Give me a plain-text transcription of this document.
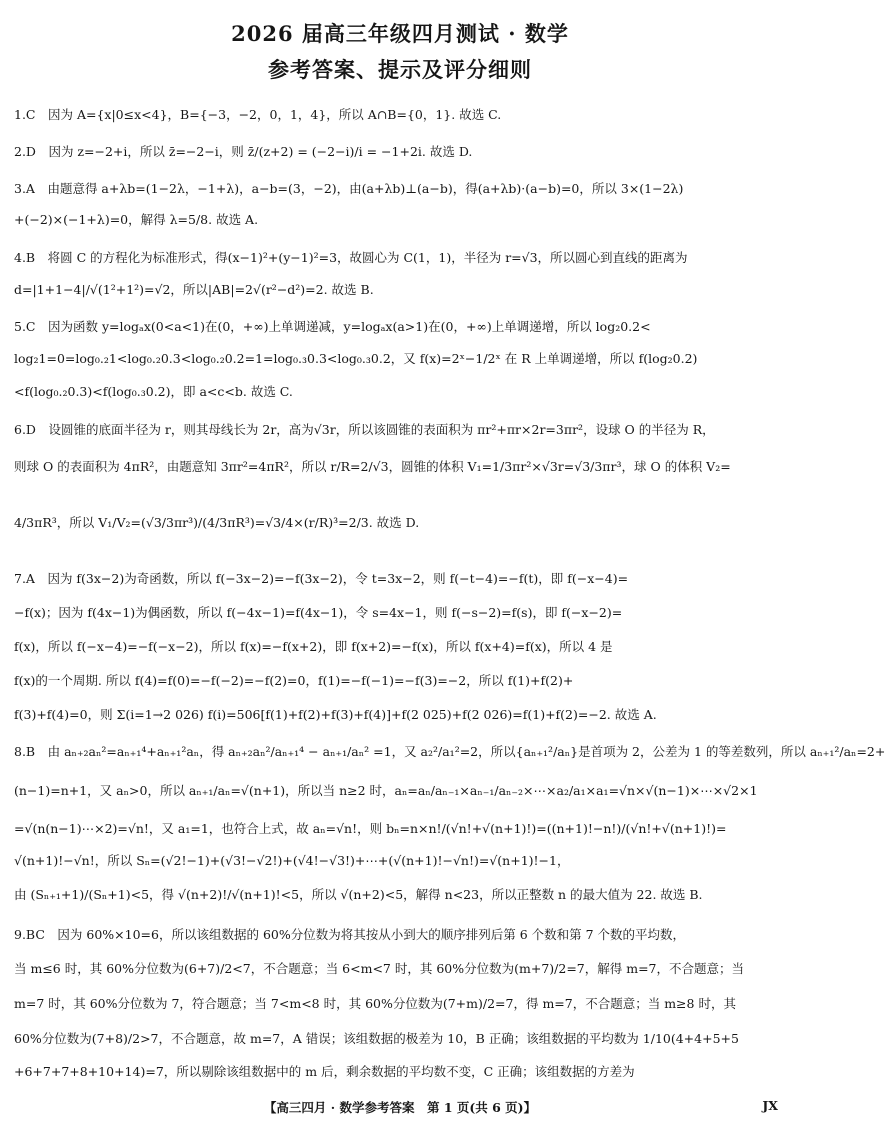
2026 届高三年级四月测试 · 数学
参考答案、提示及评分细则
1.C　因为 A={x|0≤x<4}，B={−3，−2，0，1，4}，所以 A∩B={0，1}. 故选 C.
2.D　因为 z=−2+i，所以 z̄=−2−i，则 z̄/(z+2) = (−2−i)/i = −1+2i. 故选 D.
3.A　由题意得 a+λb=(1−2λ，−1+λ)，a−b=(3，−2)，由(a+λb)⊥(a−b)，得(a+λb)·(a−b)=0，所以 3×(1−2λ)
+(−2)×(−1+λ)=0，解得 λ=5/8. 故选 A.
4.B　将圆 C 的方程化为标准形式，得(x−1)²+(y−1)²=3，故圆心为 C(1，1)，半径为 r=√3，所以圆心到直线的距离为
d=|1+1−4|/√(1²+1²)=√2，所以|AB|=2√(r²−d²)=2. 故选 B.
5.C　因为函数 y=logₐx(0<a<1)在(0，+∞)上单调递减，y=logₐx(a>1)在(0，+∞)上单调递增，所以 log₂0.2<
log₂1=0=log₀.₂1<log₀.₂0.3<log₀.₂0.2=1=log₀.₃0.3<log₀.₃0.2，又 f(x)=2ˣ−1/2ˣ 在 R 上单调递增，所以 f(log₂0.2)
<f(log₀.₂0.3)<f(log₀.₃0.2)，即 a<c<b. 故选 C.
6.D　设圆锥的底面半径为 r，则其母线长为 2r，高为√3r，所以该圆锥的表面积为 πr²+πr×2r=3πr²，设球 O 的半径为 R，
则球 O 的表面积为 4πR²，由题意知 3πr²=4πR²，所以 r/R=2/√3，圆锥的体积 V₁=1/3πr²×√3r=√3/3πr³，球 O 的体积 V₂=
4/3πR³，所以 V₁/V₂=(√3/3πr³)/(4/3πR³)=√3/4×(r/R)³=2/3. 故选 D.
7.A　因为 f(3x−2)为奇函数，所以 f(−3x−2)=−f(3x−2)，令 t=3x−2，则 f(−t−4)=−f(t)，即 f(−x−4)=
−f(x)；因为 f(4x−1)为偶函数，所以 f(−4x−1)=f(4x−1)，令 s=4x−1，则 f(−s−2)=f(s)，即 f(−x−2)=
f(x)，所以 f(−x−4)=−f(−x−2)，所以 f(x)=−f(x+2)，即 f(x+2)=−f(x)，所以 f(x+4)=f(x)，所以 4 是
f(x)的一个周期. 所以 f(4)=f(0)=−f(−2)=−f(2)=0，f(1)=−f(−1)=−f(3)=−2，所以 f(1)+f(2)+
f(3)+f(4)=0，则 Σ(i=1→2 026) f(i)=506[f(1)+f(2)+f(3)+f(4)]+f(2 025)+f(2 026)=f(1)+f(2)=−2. 故选 A.
8.B　由 aₙ₊₂aₙ²=aₙ₊₁⁴+aₙ₊₁²aₙ，得 aₙ₊₂aₙ²/aₙ₊₁⁴ − aₙ₊₁/aₙ² =1，又 a₂²/a₁²=2，所以{aₙ₊₁²/aₙ}是首项为 2，公差为 1 的等差数列，所以 aₙ₊₁²/aₙ=2+
(n−1)=n+1，又 aₙ>0，所以 aₙ₊₁/aₙ=√(n+1)，所以当 n≥2 时，aₙ=aₙ/aₙ₋₁×aₙ₋₁/aₙ₋₂×⋯×a₂/a₁×a₁=√n×√(n−1)×⋯×√2×1
=√(n(n−1)⋯×2)=√n!，又 a₁=1，也符合上式，故 aₙ=√n!，则 bₙ=n×n!/(√n!+√(n+1)!)=((n+1)!−n!)/(√n!+√(n+1)!)=
√(n+1)!−√n!，所以 Sₙ=(√2!−1)+(√3!−√2!)+(√4!−√3!)+⋯+(√(n+1)!−√n!)=√(n+1)!−1，
由 (Sₙ₊₁+1)/(Sₙ+1)<5，得 √(n+2)!/√(n+1)!<5，所以 √(n+2)<5，解得 n<23，所以正整数 n 的最大值为 22. 故选 B.
9.BC　因为 60%×10=6，所以该组数据的 60%分位数为将其按从小到大的顺序排列后第 6 个数和第 7 个数的平均数，
当 m≤6 时，其 60%分位数为(6+7)/2<7，不合题意；当 6<m<7 时，其 60%分位数为(m+7)/2=7，解得 m=7，不合题意；当
m=7 时，其 60%分位数为 7，符合题意；当 7<m<8 时，其 60%分位数为(7+m)/2=7，得 m=7，不合题意；当 m≥8 时，其
60%分位数为(7+8)/2>7，不合题意，故 m=7，A 错误；该组数据的极差为 10，B 正确；该组数据的平均数为 1/10(4+4+5+5
+6+7+7+8+10+14)=7，所以剔除该组数据中的 m 后，剩余数据的平均数不变，C 正确；该组数据的方差为
【高三四月 · 数学参考答案　第 1 页(共 6 页)】	JX
